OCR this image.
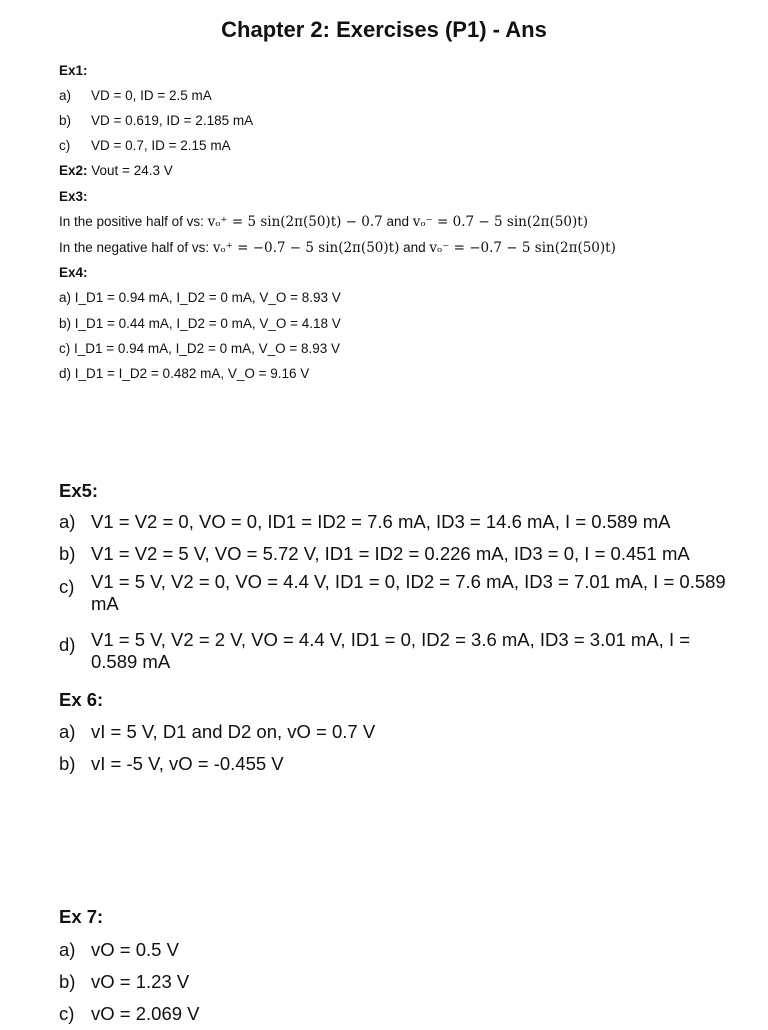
Chapter 2: Exercises (P1) - Ans
Ex1:
a) VD = 0, ID = 2.5 mA
b) VD = 0.619, ID = 2.185 mA
c) VD = 0.7, ID = 2.15 mA
Ex2: Vout = 24.3 V
Ex3:
In the positive half of vs: vₒ⁺ = 5 sin(2π(50)t) − 0.7 and vₒ⁻ = 0.7 − 5 sin(2π(50)t)
In the negative half of vs: vₒ⁺ = −0.7 − 5 sin(2π(50)t) and vₒ⁻ = −0.7 − 5 sin(2π(50)t)
Ex4:
a) I_D1 = 0.94 mA, I_D2 = 0 mA, V_O = 8.93 V
b) I_D1 = 0.44 mA, I_D2 = 0 mA, V_O = 4.18 V
c) I_D1 = 0.94 mA, I_D2 = 0 mA, V_O = 8.93 V
d) I_D1 = I_D2 = 0.482 mA, V_O = 9.16 V
Ex5:
a) V1 = V2 = 0, VO = 0, ID1 = ID2 = 7.6 mA, ID3 = 14.6 mA, I = 0.589 mA
b) V1 = V2 = 5 V, VO = 5.72 V, ID1 = ID2 = 0.226 mA, ID3 = 0, I = 0.451 mA
c) V1 = 5 V, V2 = 0, VO = 4.4 V, ID1 = 0, ID2 = 7.6 mA, ID3 = 7.01 mA, I = 0.589 mA
d) V1 = 5 V, V2 = 2 V, VO = 4.4 V, ID1 = 0, ID2 = 3.6 mA, ID3 = 3.01 mA, I = 0.589 mA
Ex 6:
a) vI = 5 V, D1 and D2 on, vO = 0.7 V
b) vI = -5 V, vO = -0.455 V
Ex 7:
a) vO = 0.5 V
b) vO = 1.23 V
c) vO = 2.069 V
